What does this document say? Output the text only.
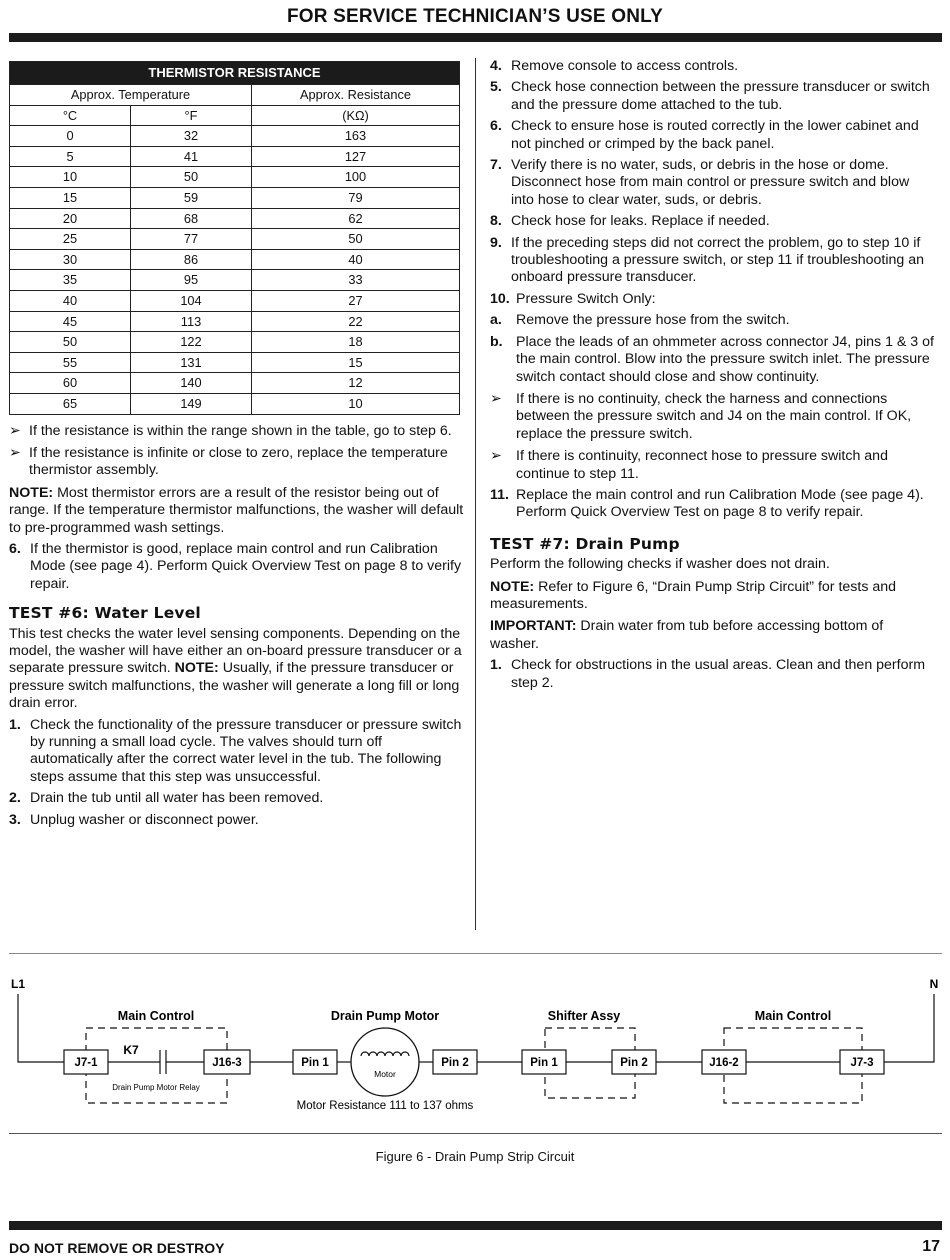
FOR SERVICE TECHNICIAN’S USE ONLY
THERMISTOR RESISTANCE		
Approx. Temperature		Approx. Resistance
°C	°F	(KΩ)
0	32	163
5	41	127
10	50	100
15	59	79
20	68	62
25	77	50
30	86	40
35	95	33
40	104	27
45	113	22
50	122	18
55	131	15
60	140	12
65	149	10
➢ If the resistance is within the range shown in the table, go to step 6.
➢ If the resistance is infinite or close to zero, replace the temperature thermistor assembly.
NOTE: Most thermistor errors are a result of the resistor being out of range. If the temperature thermistor malfunctions, the washer will default to pre-programmed wash settings.
6. If the thermistor is good, replace main control and run Calibration Mode (see page 4). Perform Quick Overview Test on page 8 to verify repair.
TEST #6: Water Level
This test checks the water level sensing components. Depending on the model, the washer will have either an on-board pressure transducer or a separate pressure switch. NOTE: Usually, if the pressure transducer or pressure switch malfunctions, the washer will generate a long fill or long drain error.
1. Check the functionality of the pressure transducer or pressure switch by running a small load cycle. The valves should turn off automatically after the correct water level in the tub. The following steps assume that this step was unsuccessful.
2. Drain the tub until all water has been removed.
3. Unplug washer or disconnect power.
4. Remove console to access controls.
5. Check hose connection between the pressure transducer or switch and the pressure dome attached to the tub.
6. Check to ensure hose is routed correctly in the lower cabinet and not pinched or crimped by the back panel.
7. Verify there is no water, suds, or debris in the hose or dome. Disconnect hose from main control or pressure switch and blow into hose to clear water, suds, or debris.
8. Check hose for leaks. Replace if needed.
9. If the preceding steps did not correct the problem, go to step 10 if troubleshooting a pressure switch, or step 11 if troubleshooting an onboard pressure transducer.
10. Pressure Switch Only:
a. Remove the pressure hose from the switch.
b. Place the leads of an ohmmeter across connector J4, pins 1 & 3 of the main control. Blow into the pressure switch inlet. The pressure switch contact should close and show continuity.
➢ If there is no continuity, check the harness and connections between the pressure switch and J4 on the main control. If OK, replace the pressure switch.
➢ If there is continuity, reconnect hose to pressure switch and continue to step 11.
11. Replace the main control and run Calibration Mode (see page 4). Perform Quick Overview Test on page 8 to verify repair.
TEST #7: Drain Pump
Perform the following checks if washer does not drain.
NOTE: Refer to Figure 6, “Drain Pump Strip Circuit” for tests and measurements.
IMPORTANT: Drain water from tub before accessing bottom of washer.
1. Check for obstructions in the usual areas. Clean and then perform step 2.
L1	N
Main Control	Drain Pump Motor	Shifter Assy	Main Control
J7-1	J16-3	Pin 1	Pin 2	Pin 1	Pin 2	J16-2	J7-3
K7
Drain Pump Motor Relay
Motor
Motor Resistance 111 to 137 ohms
Figure 6 - Drain Pump Strip Circuit
DO NOT REMOVE OR DESTROY	17
